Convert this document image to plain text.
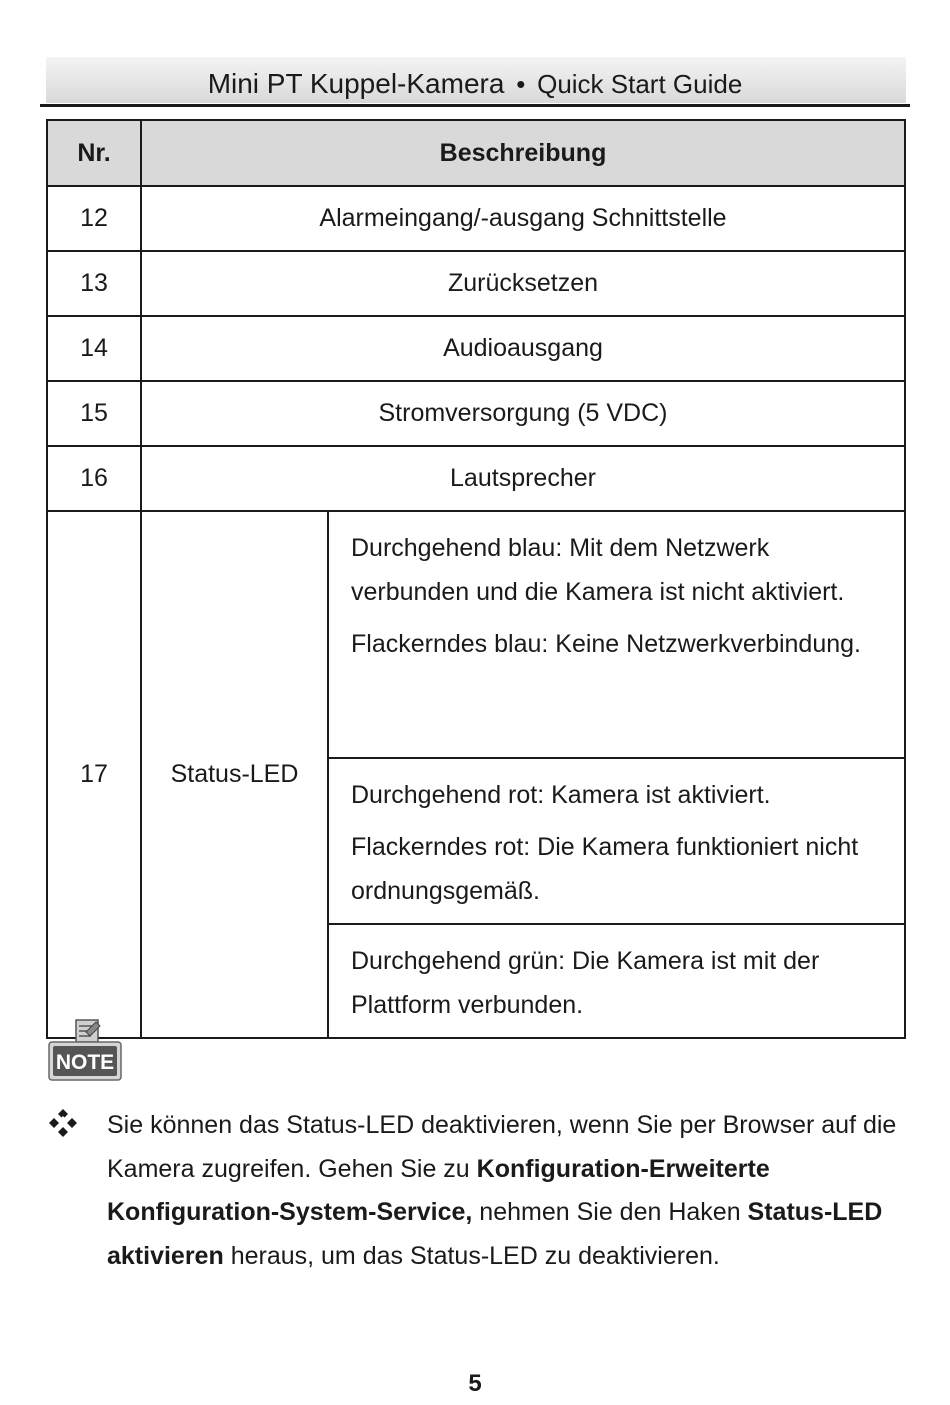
Mini PT Kuppel-Kamera • Quick Start Guide
Nr.	Beschreibung	
12	Alarmeingang/-ausgang Schnittstelle	
13	Zurücksetzen	
14	Audioausgang	
15	Stromversorgung (5 VDC)	
16	Lautsprecher	
17	Status-LED	Durchgehend blau: Mit dem Netzwerk verbunden und die Kamera ist nicht aktiviert.

Flackerndes blau: Keine Netzwerkverbindung.

		Durchgehend rot: Kamera ist aktiviert.

Flackerndes rot: Die Kamera funktioniert nicht ordnungsgemäß.

		Durchgehend grün: Die Kamera ist mit der Plattform verbunden.

NOTE
Sie können das Status-LED deaktivieren, wenn Sie per Browser auf die Kamera zugreifen. Gehen Sie zu Konfiguration-Erweiterte Konfiguration-System-Service, nehmen Sie den Haken Status-LED aktivieren heraus, um das Status-LED zu deaktivieren.
5
